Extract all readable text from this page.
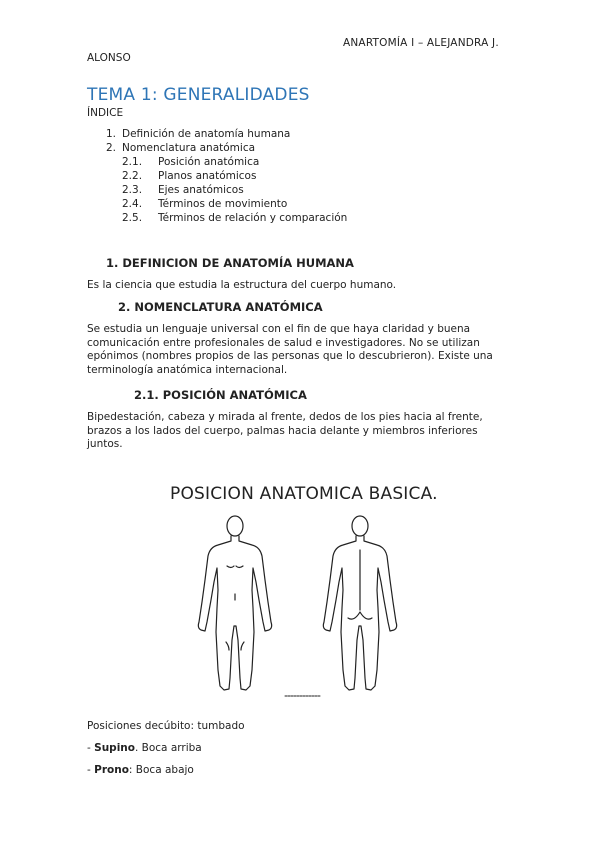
ANARTOMÍA I – ALEJANDRA J.
ALONSO
TEMA 1: GENERALIDADES
ÍNDICE
1. Definición de anatomía humana
2. Nomenclatura anatómica
2.1. Posición anatómica
2.2. Planos anatómicos
2.3. Ejes anatómicos
2.4. Términos de movimiento
2.5. Términos de relación y comparación
1. DEFINICION DE ANATOMÍA HUMANA
Es la ciencia que estudia la estructura del cuerpo humano.
2. NOMENCLATURA ANATÓMICA
Se estudia un lenguaje universal con el fin de que haya claridad y buena comunicación entre profesionales de salud e investigadores. No se utilizan epónimos (nombres propios de las personas que lo descubrieron). Existe una terminología anatómica internacional.
2.1. POSICIÓN ANATÓMICA
Bipedestación, cabeza y mirada al frente, dedos de los pies hacia al frente, brazos a los lados del cuerpo, palmas hacia delante y miembros inferiores juntos.
POSICION ANATOMICA BASICA.
Posiciones decúbito: tumbado
- Supino. Boca arriba
- Prono: Boca abajo
